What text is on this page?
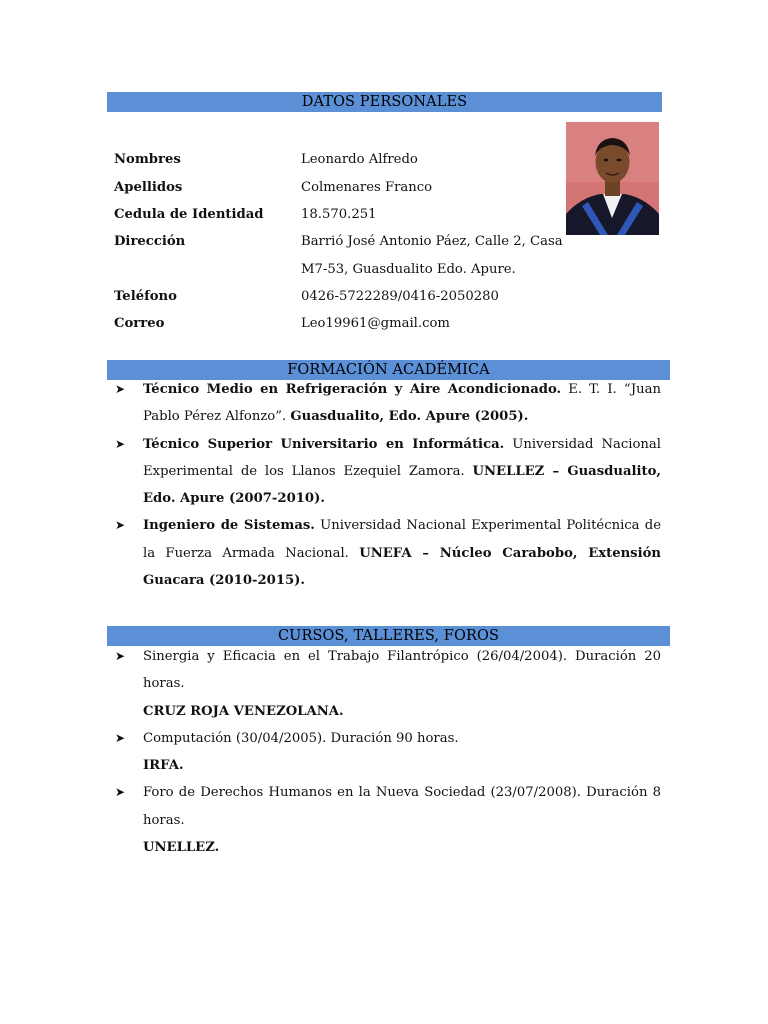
DATOS PERSONALES
Nombres	Leonardo Alfredo
Apellidos	Colmenares Franco
Cedula de Identidad	18.570.251
Dirección	Barrió José Antonio Páez, Calle 2, Casa
M7-53, Guasdualito Edo. Apure.
Teléfono	0426-5722289/0416-2050280
Correo	Leo19961@gmail.com
FORMACIÓN ACADÉMICA
➤ Técnico Medio en Refrigeración y Aire Acondicionado. E. T. I. “Juan Pablo Pérez Alfonzo”. Guasdualito, Edo. Apure (2005).
➤ Técnico Superior Universitario en Informática. Universidad Nacional Experimental de los Llanos Ezequiel Zamora. UNELLEZ – Guasdualito, Edo. Apure (2007-2010).
➤ Ingeniero de Sistemas. Universidad Nacional Experimental Politécnica de la Fuerza Armada Nacional. UNEFA – Núcleo Carabobo, Extensión Guacara (2010-2015).
CURSOS, TALLERES, FOROS
➤ Sinergia y Eficacia en el Trabajo Filantrópico (26/04/2004). Duración 20 horas.
CRUZ ROJA VENEZOLANA.
➤ Computación (30/04/2005). Duración 90 horas.
IRFA.
➤ Foro de Derechos Humanos en la Nueva Sociedad (23/07/2008). Duración 8 horas.
UNELLEZ.
